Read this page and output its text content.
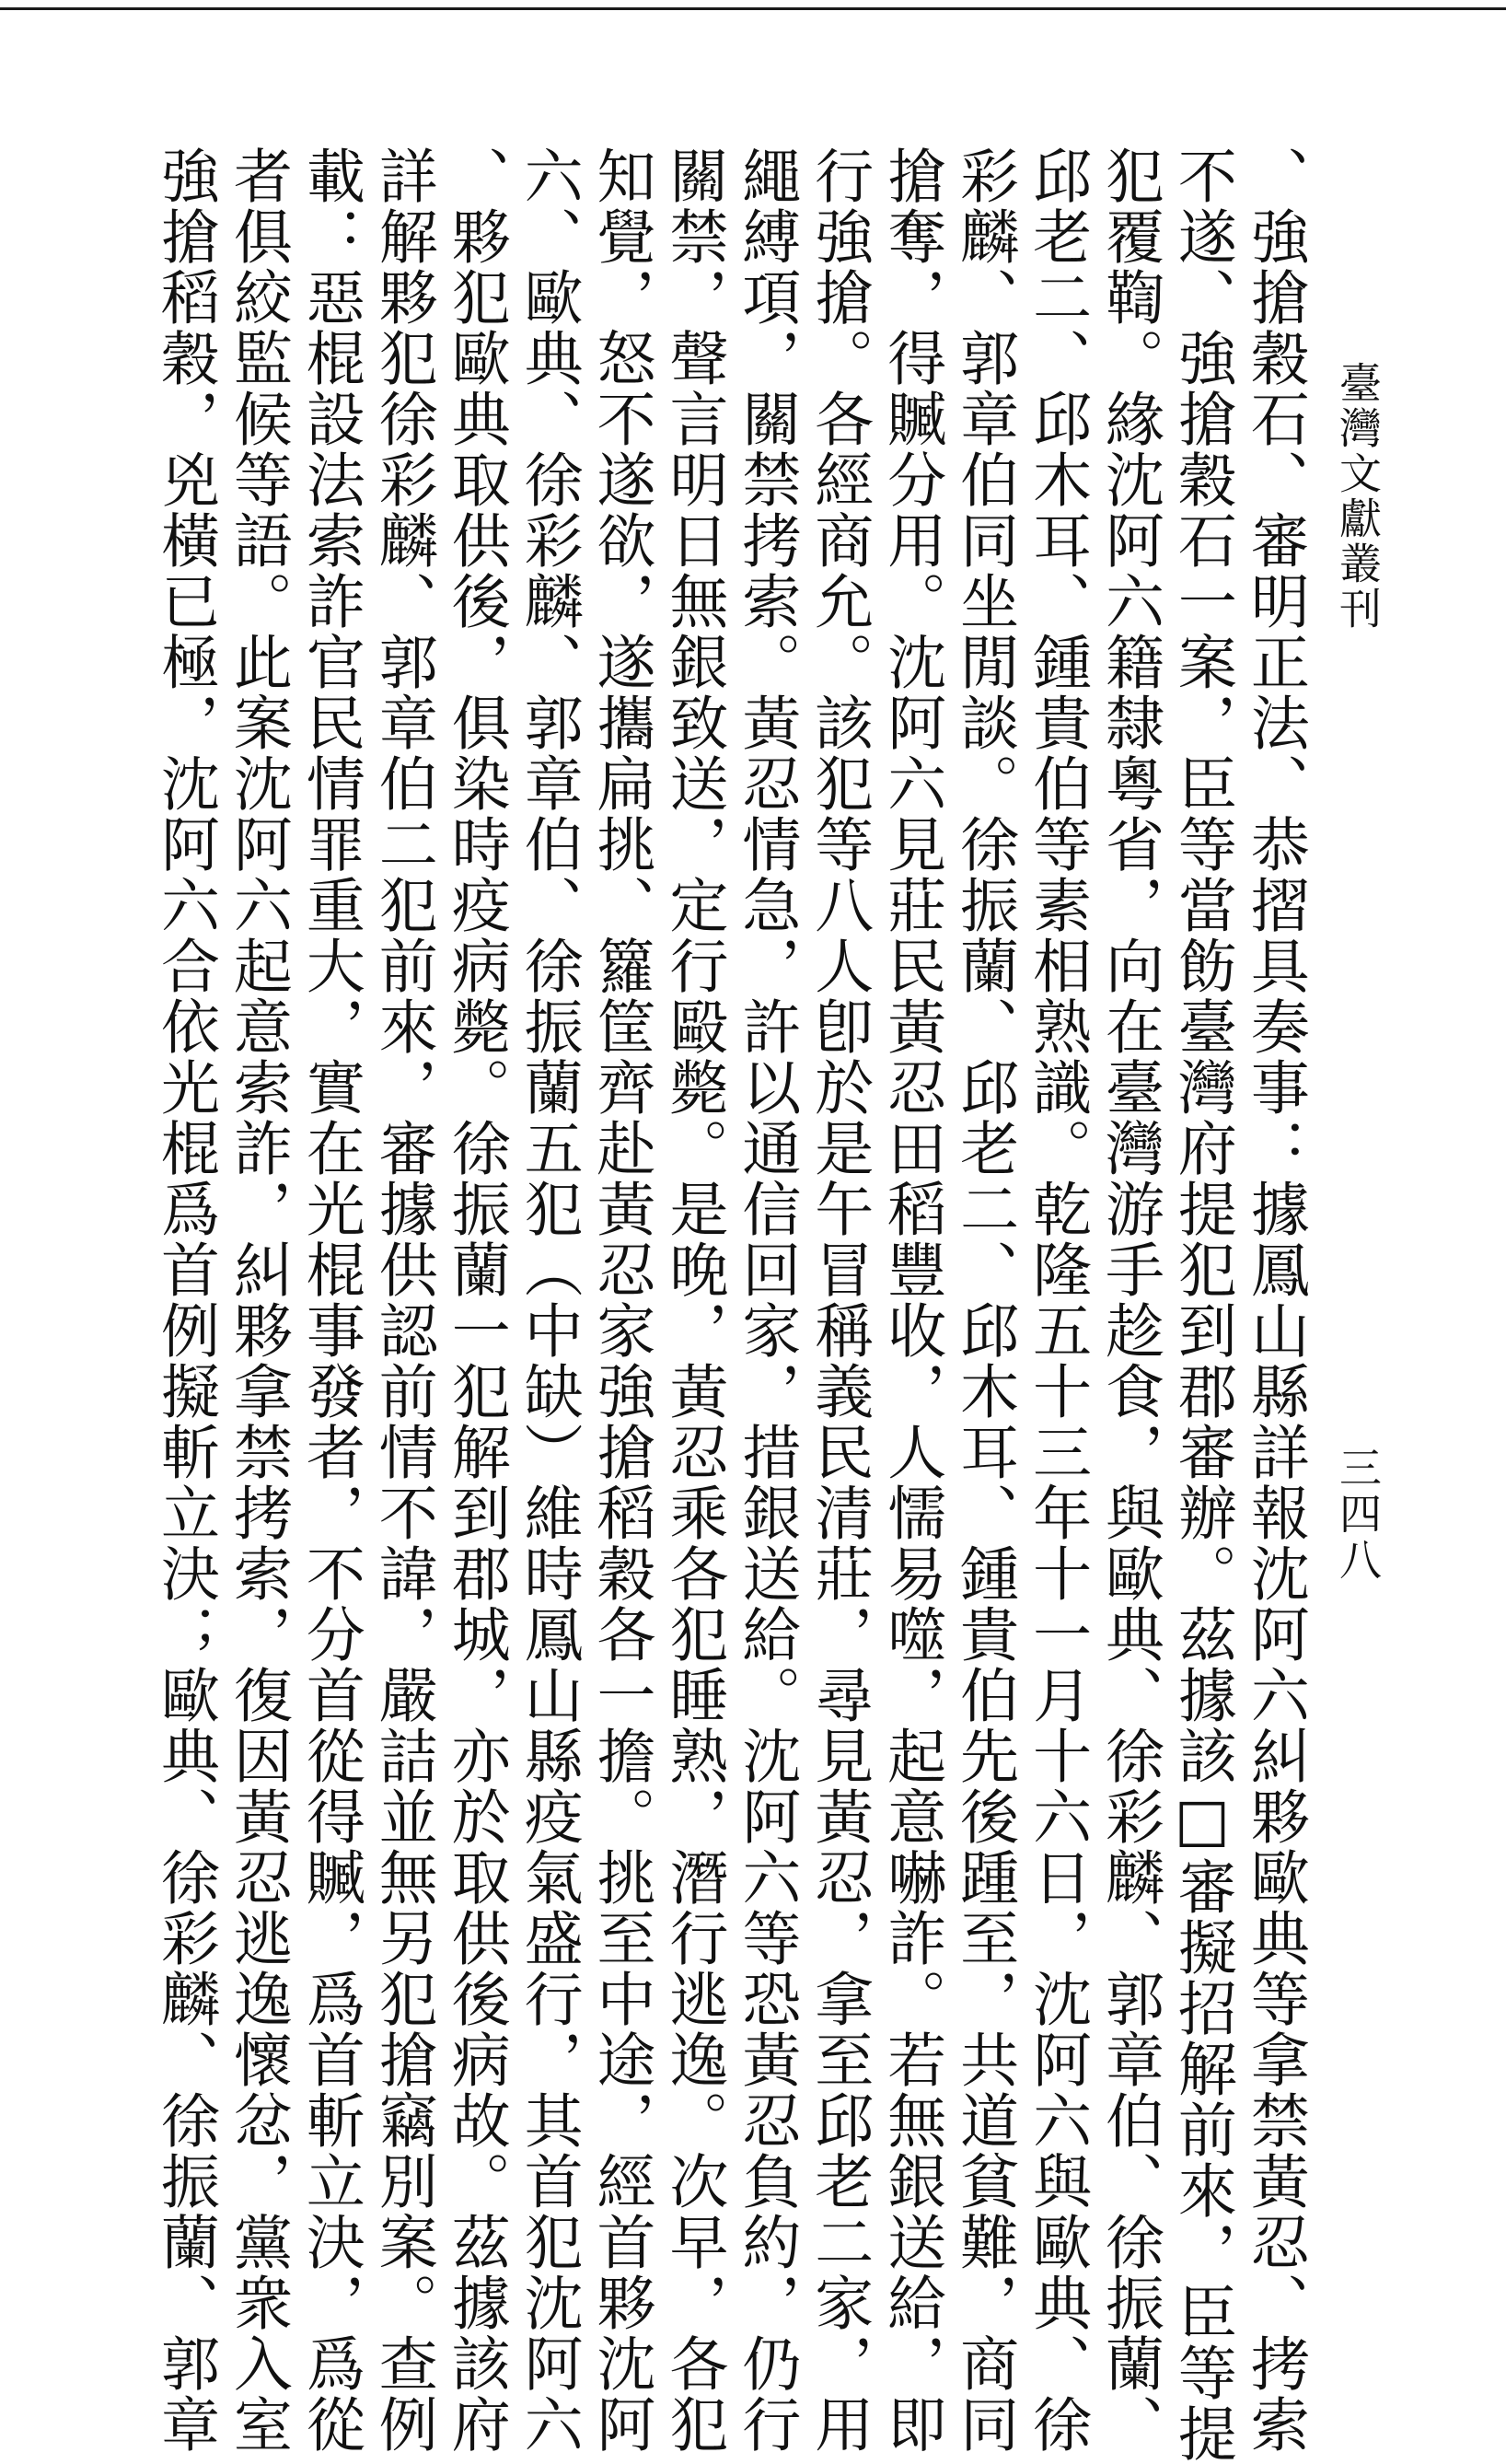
臺灣文獻叢刊
三四八
、強搶穀石、審明正法、恭摺具奏事：據鳳山縣詳報沈阿六糾夥歐典等拿禁黃忍、拷索
不遂、強搶穀石一案，臣等當飭臺灣府提犯到郡審辦。茲據該□審擬招解前來，臣等提
犯覆鞫。緣沈阿六籍隸粵省，向在臺灣游手趁食，與歐典、徐彩麟、郭章伯、徐振蘭、
邱老二、邱木耳、鍾貴伯等素相熟識。乾隆五十三年十一月十六日，沈阿六與歐典、徐
彩麟、郭章伯同坐閒談。徐振蘭、邱老二、邱木耳、鍾貴伯先後踵至，共道貧難，商同
搶奪，得贓分用。沈阿六見莊民黃忍田稻豐收，人懦易噬，起意嚇詐。若無銀送給，即
行強搶。各經商允。該犯等八人卽於是午冒稱義民清莊，尋見黃忍，拿至邱老二家，用
繩縛項，關禁拷索。黃忍情急，許以通信回家，措銀送給。沈阿六等恐黃忍負約，仍行
關禁，聲言明日無銀致送，定行毆斃。是晚，黃忍乘各犯睡熟，潛行逃逸。次早，各犯
知覺，怒不遂欲，遂攜扁挑、籮筐齊赴黃忍家強搶稻穀各一擔。挑至中途，經首夥沈阿
六、歐典、徐彩麟、郭章伯、徐振蘭五犯（中缺）維時鳳山縣疫氣盛行，其首犯沈阿六
、夥犯歐典取供後，俱染時疫病斃。徐振蘭一犯解到郡城，亦於取供後病故。茲據該府
詳解夥犯徐彩麟、郭章伯二犯前來，審據供認前情不諱，嚴詰並無另犯搶竊別案。查例
載：惡棍設法索詐官民情罪重大，實在光棍事發者，不分首從得贓，爲首斬立決，爲從
者俱絞監候等語。此案沈阿六起意索詐，糾夥拿禁拷索，復因黃忍逃逸懷忿，黨衆入室
強搶稻穀，兇橫已極，沈阿六合依光棍爲首例擬斬立決；歐典、徐彩麟、徐振蘭、郭章
